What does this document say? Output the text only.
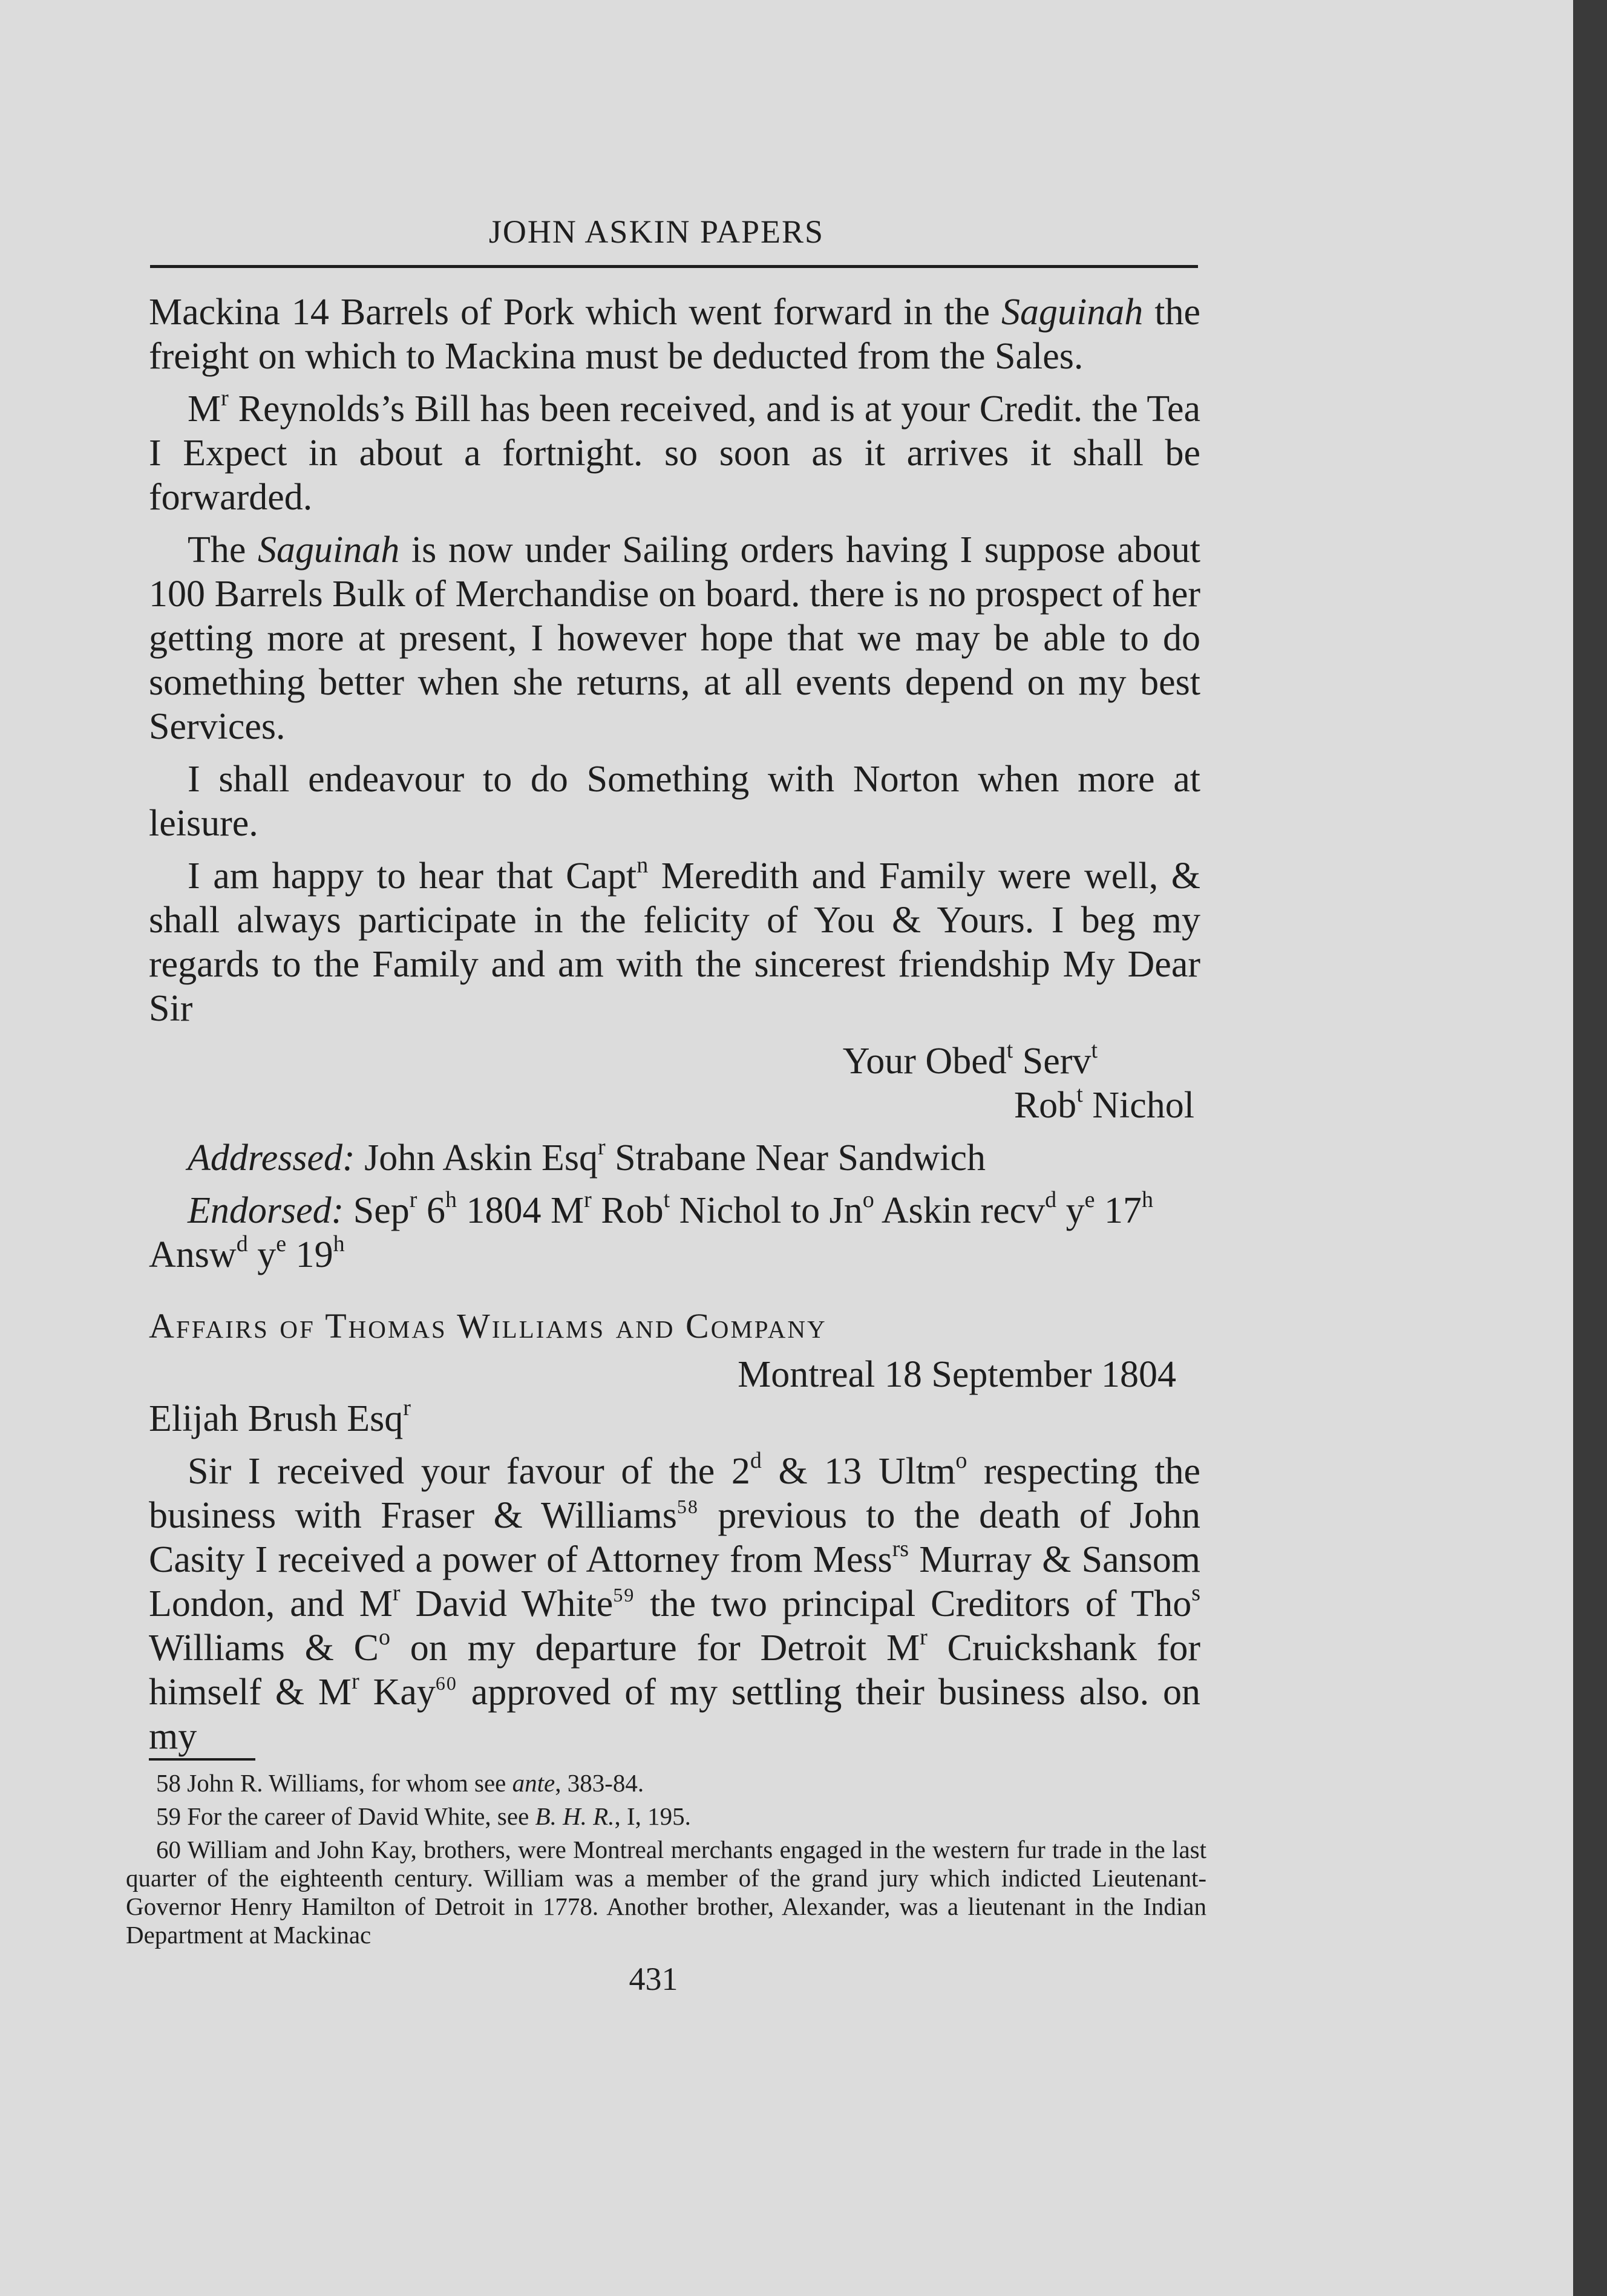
JOHN ASKIN PAPERS

Mackina 14 Barrels of Pork which went forward in the Saguinah the freight on which to Mackina must be deducted from the Sales.

$M^r$ Reynolds’s Bill has been received, and is at your Credit. the Tea I Expect in about a fortnight. so soon as it arrives it shall be forwarded.

The Saguinah is now under Sailing orders having I suppose about 100 Barrels Bulk of Merchandise on board. there is no prospect of her getting more at present, I however hope that we may be able to do something better when she returns, at all events depend on my best Services.

I shall endeavour to do Something with Norton when more at leisure.

I am happy to hear that Capt$^n$ Meredith and Family were well, & shall always participate in the felicity of You & Yours. I beg my regards to the Family and am with the sincerest friendship My Dear Sir

Your Obed$^t$ Serv$^t$

Rob$^t$ Nichol

Addressed: John Askin Esq$^r$ Strabane Near Sandwich

Endorsed: Sep$^r$ 6$^h$ 1804 $M^r$ Rob$^t$ Nichol to Jn$^o$ Askin recv$^d$ $y^e$ 17$^h$ Answ$^d$ $y^e$ 19$^h$

Affairs of Thomas Williams and Company

Montreal 18 September 1804

Elijah Brush Esq$^r$

Sir I received your favour of the 2$^d$ & 13 Ultm$^o$ respecting the business with Fraser & Williams$^{58}$ previous to the death of John Casity I received a power of Attorney from Mess$^{rs}$ Murray & Sansom London, and $M^r$ David White$^{59}$ the two principal Creditors of Tho$^s$ Williams & $C^o$ on my departure for Detroit $M^r$ Cruickshank for himself & $M^r$ Kay$^{60}$ approved of my settling their business also. on my

58 John R. Williams, for whom see ante, 383-84.

59 For the career of David White, see B. H. R., I, 195.

60 William and John Kay, brothers, were Montreal merchants engaged in the western fur trade in the last quarter of the eighteenth century. William was a member of the grand jury which indicted Lieutenant-Governor Henry Hamilton of Detroit in 1778. Another brother, Alexander, was a lieutenant in the Indian Department at Mackinac

431
